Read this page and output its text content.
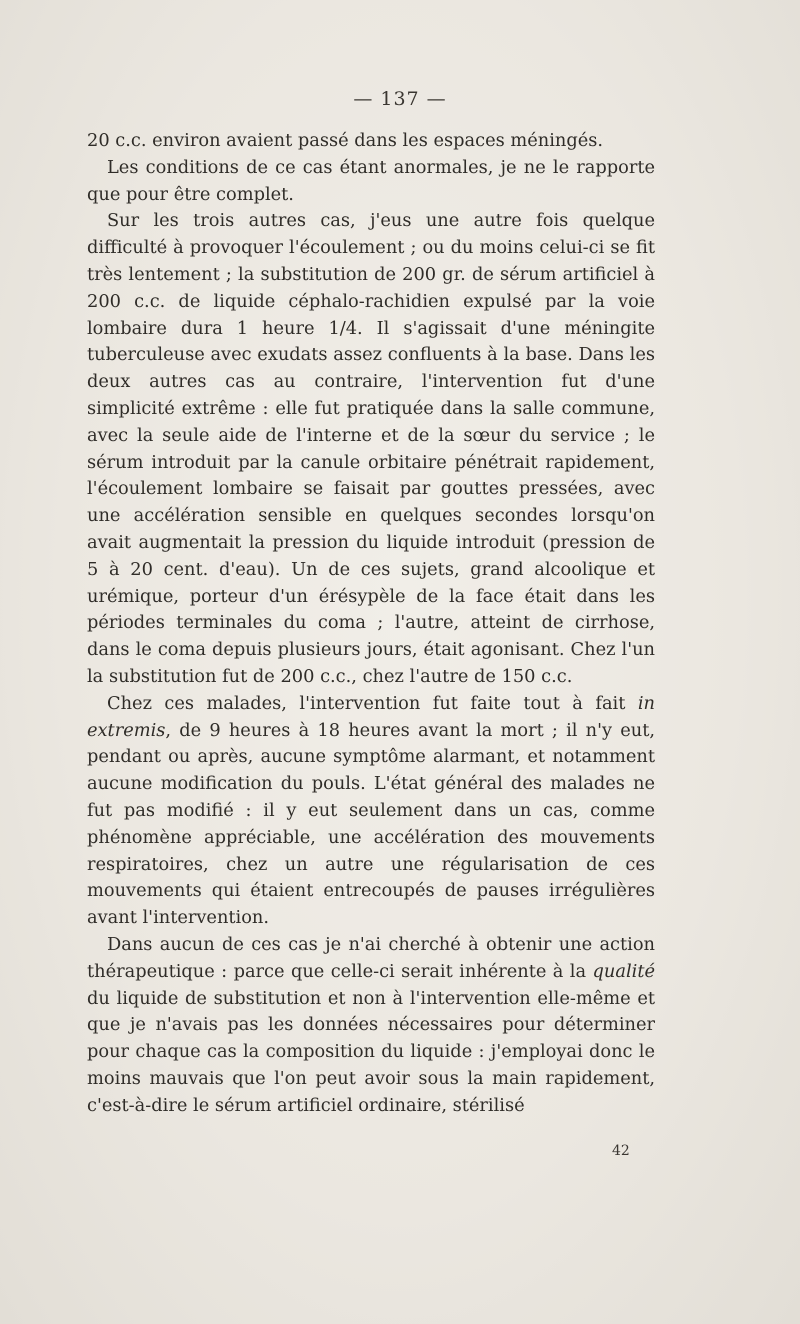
— 137 —

20 c.c. environ avaient passé dans les espaces méningés.

Les conditions de ce cas étant anormales, je ne le rapporte que pour être complet.

Sur les trois autres cas, j'eus une autre fois quelque difficulté à provoquer l'écoulement ; ou du moins celui-ci se fit très lentement ; la substitution de 200 gr. de sérum artificiel à 200 c.c. de liquide céphalo-rachidien expulsé par la voie lombaire dura 1 heure 1/4. Il s'agissait d'une méningite tuberculeuse avec exudats assez confluents à la base. Dans les deux autres cas au contraire, l'intervention fut d'une simplicité extrême : elle fut pratiquée dans la salle commune, avec la seule aide de l'interne et de la sœur du service ; le sérum introduit par la canule orbitaire pénétrait rapidement, l'écoulement lombaire se faisait par gouttes pressées, avec une accélération sensible en quelques secondes lorsqu'on avait augmentait la pression du liquide introduit (pression de 5 à 20 cent. d'eau). Un de ces sujets, grand alcoolique et urémique, porteur d'un érésypèle de la face était dans les périodes terminales du coma ; l'autre, atteint de cirrhose, dans le coma depuis plusieurs jours, était agonisant. Chez l'un la substitution fut de 200 c.c., chez l'autre de 150 c.c.

Chez ces malades, l'intervention fut faite tout à fait in extremis, de 9 heures à 18 heures avant la mort ; il n'y eut, pendant ou après, aucune symptôme alarmant, et notamment aucune modification du pouls. L'état général des malades ne fut pas modifié : il y eut seulement dans un cas, comme phénomène appréciable, une accélération des mouvements respiratoires, chez un autre une régularisation de ces mouvements qui étaient entrecoupés de pauses irrégulières avant l'intervention.

Dans aucun de ces cas je n'ai cherché à obtenir une action thérapeutique : parce que celle-ci serait inhérente à la qualité du liquide de substitution et non à l'intervention elle-même et que je n'avais pas les données nécessaires pour déterminer pour chaque cas la composition du liquide : j'employai donc le moins mauvais que l'on peut avoir sous la main rapidement, c'est-à-dire le sérum artificiel ordinaire, stérilisé

42
